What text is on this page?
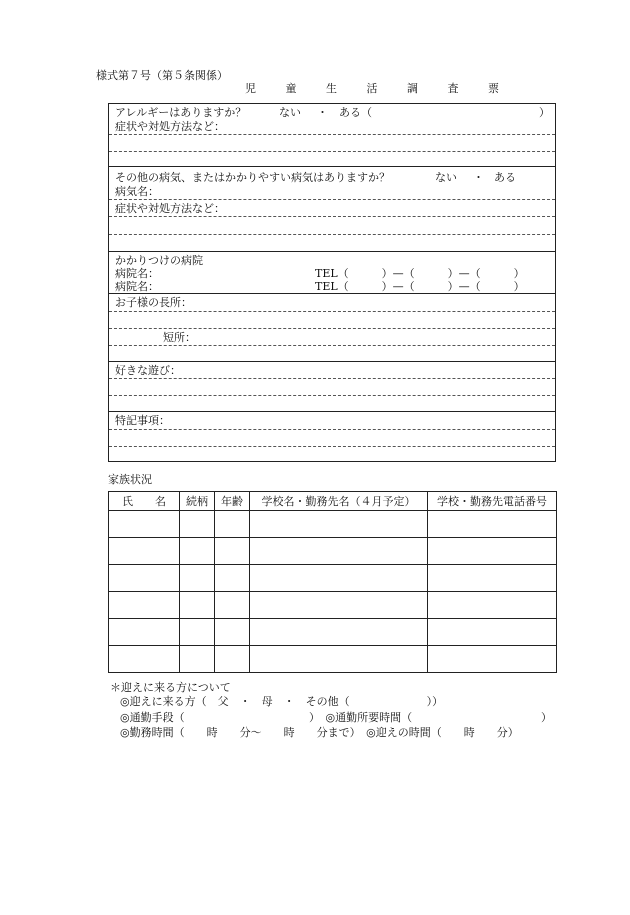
様式第７号（第５条関係）
児 童 生 活 調 査 票
アレルギーはありますか？	ない ・ ある（	）
症状や対処方法など：
その他の病気、またはかかりやすい病気はありますか？	ない ・ ある
病気名：
症状や対処方法など：
かかりつけの病院
病院名：	TEL（　　　）—（　　　）—（　　　）
病院名：	TEL（　　　）—（　　　）—（　　　）
お子様の長所：
短所：
好きな遊び：
特記事項：
家族状況
氏　　名	続柄	年齢	学校名・勤務先名（４月予定）	学校・勤務先電話番号

＊迎えに来る方について
◎迎えに来る方（　父　・　母　・　その他（　　　　　　　））
◎通勤手段（	）　◎通勤所要時間（	）
◎勤務時間（　　時　　分～　　時　　分まで）　◎迎えの時間（　　時　　分）
